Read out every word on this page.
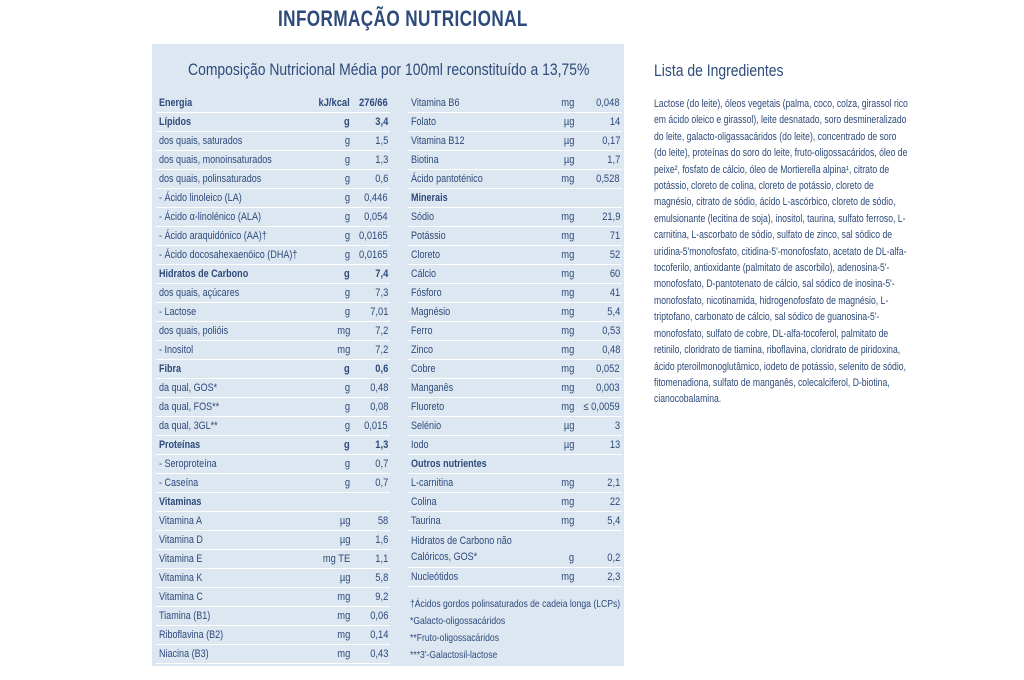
INFORMAÇÃO NUTRICIONAL
Composição Nutricional Média por 100ml reconstituído a 13,75%
Energia	kJ/kcal 276/66
Lípidos	g 3,4
dos quais, saturados	g 1,5
dos quais, monoinsaturados	g 1,3
dos quais, polinsaturados	g 0,6
- Ácido linoleico (LA)	g 0,446
- Ácido α-linolénico (ALA)	g 0,054
- Ácido araquidónico (AA)†	g 0,0165
- Ácido docosahexaenóico (DHA)†	g 0,0165
Hidratos de Carbono	g 7,4
dos quais, açúcares	g 7,3
- Lactose	g 7,01
dos quais, polióis	mg 7,2
- Inositol	mg 7,2
Fibra	g 0,6
da qual, GOS*	g 0,48
da qual, FOS**	g 0,08
da qual, 3GL**	g 0,015
Proteínas	g 1,3
- Seroproteína	g 0,7
- Caseína	g 0,7
Vitaminas
Vitamina A	µg	58
Vitamina D	µg 1,6
Vitamina E	mg TE 1,1
Vitamina K	µg 5,8
Vitamina C	mg 9,2
Tiamina (B1)	mg 0,06
Riboflavina (B2)	mg 0,14
Niacina (B3)	mg 0,43
Vitamina B6	mg 0,048
Folato	µg	14
Vitamina B12	µg	0,17
Biotina	µg	1,7
Ácido pantoténico	mg 0,528
Minerais
Sódio	mg	21,9
Potássio	mg	71
Cloreto	mg	52
Cálcio	mg	60
Fósforo	mg	41
Magnésio	mg	5,4
Ferro	mg	0,53
Zinco	mg	0,48
Cobre	mg 0,052
Manganês	mg 0,003
Fluoreto	mg ≤ 0,0059
Selénio	µg	3
Iodo	µg	13
Outros nutrientes
L-carnitina	mg	2,1
Colina	mg	22
Taurina	mg	5,4
Hidratos de Carbono não Calóricos, GOS*	g	0,2
Nucleótidos	mg	2,3
†Ácidos gordos polinsaturados de cadeia longa (LCPs)
*Galacto-oligossacáridos
**Fruto-oligossacáridos
***3'-Galactosil-lactose
Lista de Ingredientes
Lactose (do leite), óleos vegetais (palma, coco, colza, girassol rico em ácido oleico e girassol), leite desnatado, soro desmineralizado do leite, galacto-oligassacáridos (do leite), concentrado de soro (do leite), proteínas do soro do leite, fruto-oligossacáridos, óleo de peixe², fosfato de cálcio, óleo de Mortierella alpina¹, citrato de potássio, cloreto de colina, cloreto de potássio, cloreto de magnésio, citrato de sódio, ácido L-ascórbico, cloreto de sódio, emulsionante (lecitina de soja), inositol, taurina, sulfato ferroso, L-carnitina, L-ascorbato de sódio, sulfato de zinco, sal sódico de uridina-5'monofosfato, citidina-5'-monofosfato, acetato de DL-alfa-tocoferilo, antioxidante (palmitato de ascorbilo), adenosina-5'-monofosfato, D-pantotenato de cálcio, sal sódico de inosina-5'-monofosfato, nicotinamida, hidrogenofosfato de magnésio, L-triptofano, carbonato de cálcio, sal sódico de guanosina-5'-monofosfato, sulfato de cobre, DL-alfa-tocoferol, palmitato de retinilo, cloridrato de tiamina, riboflavina, cloridrato de piridoxina, ácido pteroilmonoglutâmico, iodeto de potássio, selenito de sódio, fitomenadiona, sulfato de manganês, colecalciferol, D-biotina, cianocobalamina.
